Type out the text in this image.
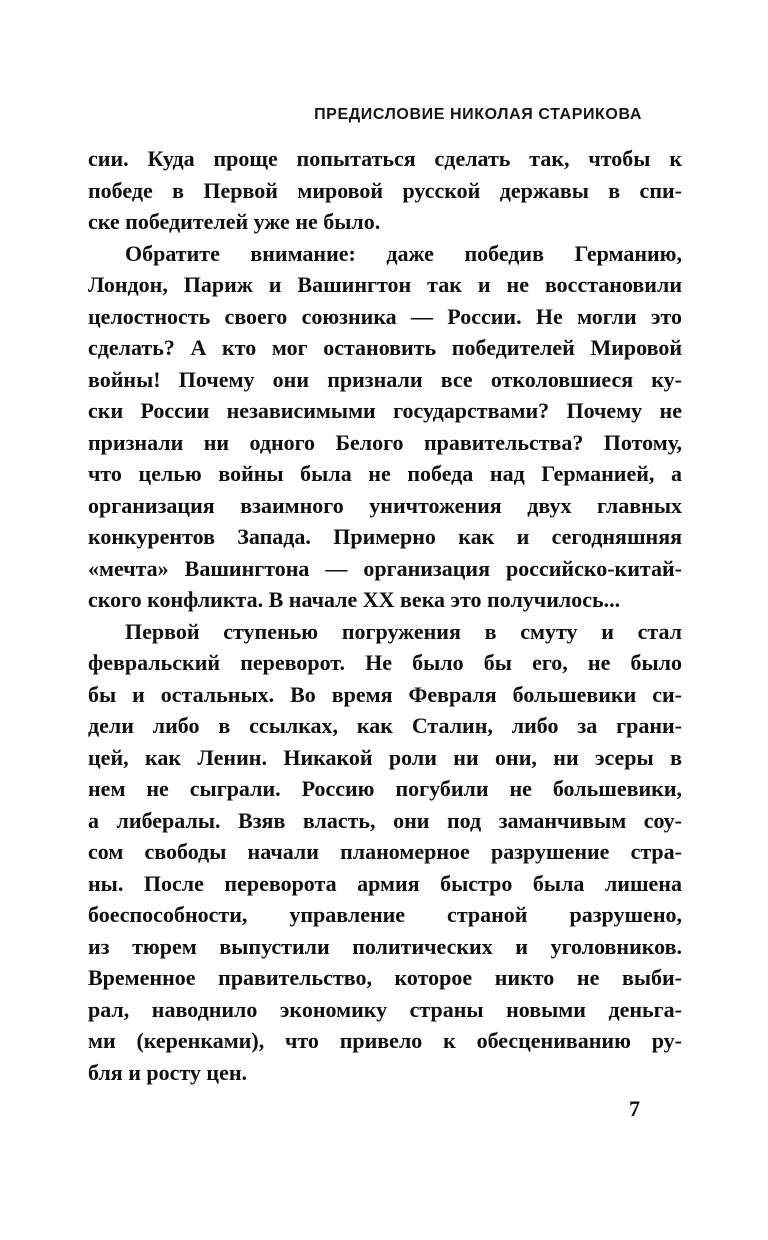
ПРЕДИСЛОВИЕ НИКОЛАЯ СТАРИКОВА
сии. Куда проще попытаться сделать так, чтобы к
победе в Первой мировой русской державы в спи-
ске победителей уже не было.
Обратите внимание: даже победив Германию,
Лондон, Париж и Вашингтон так и не восстановили
целостность своего союзника — России. Не могли это
сделать? А кто мог остановить победителей Мировой
войны! Почему они признали все отколовшиеся ку-
ски России независимыми государствами? Почему не
признали ни одного Белого правительства? Потому,
что целью войны была не победа над Германией, а
организация взаимного уничтожения двух главных
конкурентов Запада. Примерно как и сегодняшняя
«мечта» Вашингтона — организация российско-китай-
ского конфликта. В начале XX века это получилось...
Первой ступенью погружения в смуту и стал
февральский переворот. Не было бы его, не было
бы и остальных. Во время Февраля большевики си-
дели либо в ссылках, как Сталин, либо за грани-
цей, как Ленин. Никакой роли ни они, ни эсеры в
нем не сыграли. Россию погубили не большевики,
а либералы. Взяв власть, они под заманчивым соу-
сом свободы начали планомерное разрушение стра-
ны. После переворота армия быстро была лишена
боеспособности, управление страной разрушено,
из тюрем выпустили политических и уголовников.
Временное правительство, которое никто не выби-
рал, наводнило экономику страны новыми деньга-
ми (керенками), что привело к обесцениванию ру-
бля и росту цен.
7
